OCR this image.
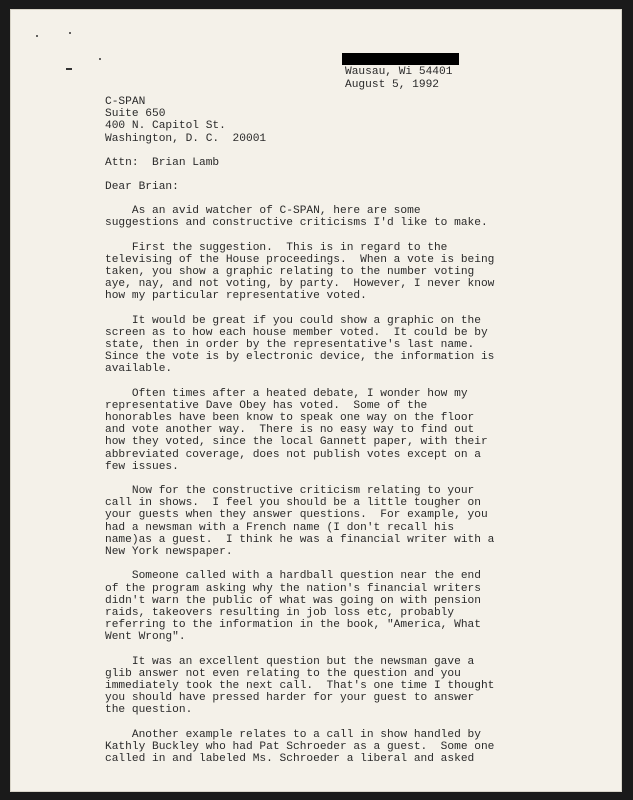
Wausau, Wi 54401
August 5, 1992
C-SPAN
Suite 650
400 N. Capitol St.
Washington, D. C.  20001
Attn:  Brian Lamb
Dear Brian:
As an avid watcher of C-SPAN, here are some
suggestions and constructive criticisms I'd like to make.
First the suggestion.  This is in regard to the
televising of the House proceedings.  When a vote is being
taken, you show a graphic relating to the number voting
aye, nay, and not voting, by party.  However, I never know
how my particular representative voted.
It would be great if you could show a graphic on the
screen as to how each house member voted.  It could be by
state, then in order by the representative's last name.
Since the vote is by electronic device, the information is
available.
Often times after a heated debate, I wonder how my
representative Dave Obey has voted.  Some of the
honorables have been know to speak one way on the floor
and vote another way.  There is no easy way to find out
how they voted, since the local Gannett paper, with their
abbreviated coverage, does not publish votes except on a
few issues.
Now for the constructive criticism relating to your
call in shows.  I feel you should be a little tougher on
your guests when they answer questions.  For example, you
had a newsman with a French name (I don't recall his
name)as a guest.  I think he was a financial writer with a
New York newspaper.
Someone called with a hardball question near the end
of the program asking why the nation's financial writers
didn't warn the public of what was going on with pension
raids, takeovers resulting in job loss etc, probably
referring to the information in the book, "America, What
Went Wrong".
It was an excellent question but the newsman gave a
glib answer not even relating to the question and you
immediately took the next call.  That's one time I thought
you should have pressed harder for your guest to answer
the question.
Another example relates to a call in show handled by
Kathly Buckley who had Pat Schroeder as a guest.  Some one
called in and labeled Ms. Schroeder a liberal and asked
